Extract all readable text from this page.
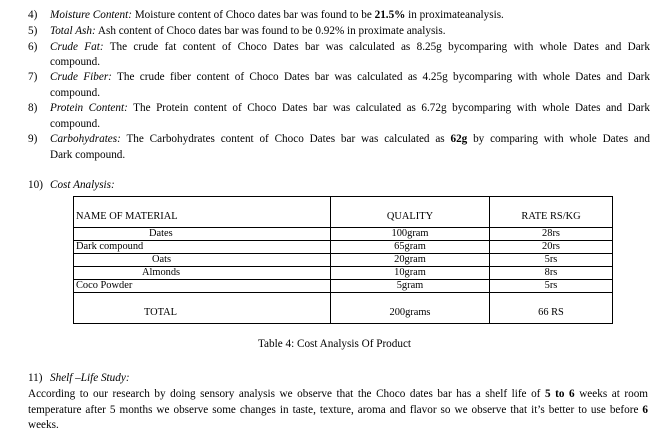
4)	Moisture Content: Moisture content of Choco dates bar was found to be 21.5% in proximateanalysis.
5)	Total Ash: Ash content of Choco dates bar was found to be 0.92% in proximate analysis.
6)	Crude Fat: The crude fat content of Choco Dates bar was calculated as 8.25g bycomparing with whole Dates and Dark
compound.
7)	Crude Fiber: The crude fiber content of Choco Dates bar was calculated as 4.25g bycomparing with whole Dates and Dark
compound.
8)	Protein Content: The Protein content of Choco Dates bar was calculated as 6.72g bycomparing with whole Dates and Dark
compound.
9)	Carbohydrates: The Carbohydrates content of Choco Dates bar was calculated as 62g by comparing with whole Dates and
Dark compound.
10) Cost Analysis:
NAME OF MATERIAL	QUALITY	RATE RS/KG
Dates	100gram	28rs
Dark compound	65gram	20rs
Oats	20gram	5rs
Almonds	10gram	8rs
Coco Powder	5gram	5rs
TOTAL	200grams	66 RS
Table 4: Cost Analysis Of Product
11) Shelf –Life Study:
According to our research by doing sensory analysis we observe that the Choco dates bar has a shelf life of 5 to 6 weeks at room
temperature after 5 months we observe some changes in taste, texture, aroma and flavor so we observe that it’s better to use before 6
weeks.
